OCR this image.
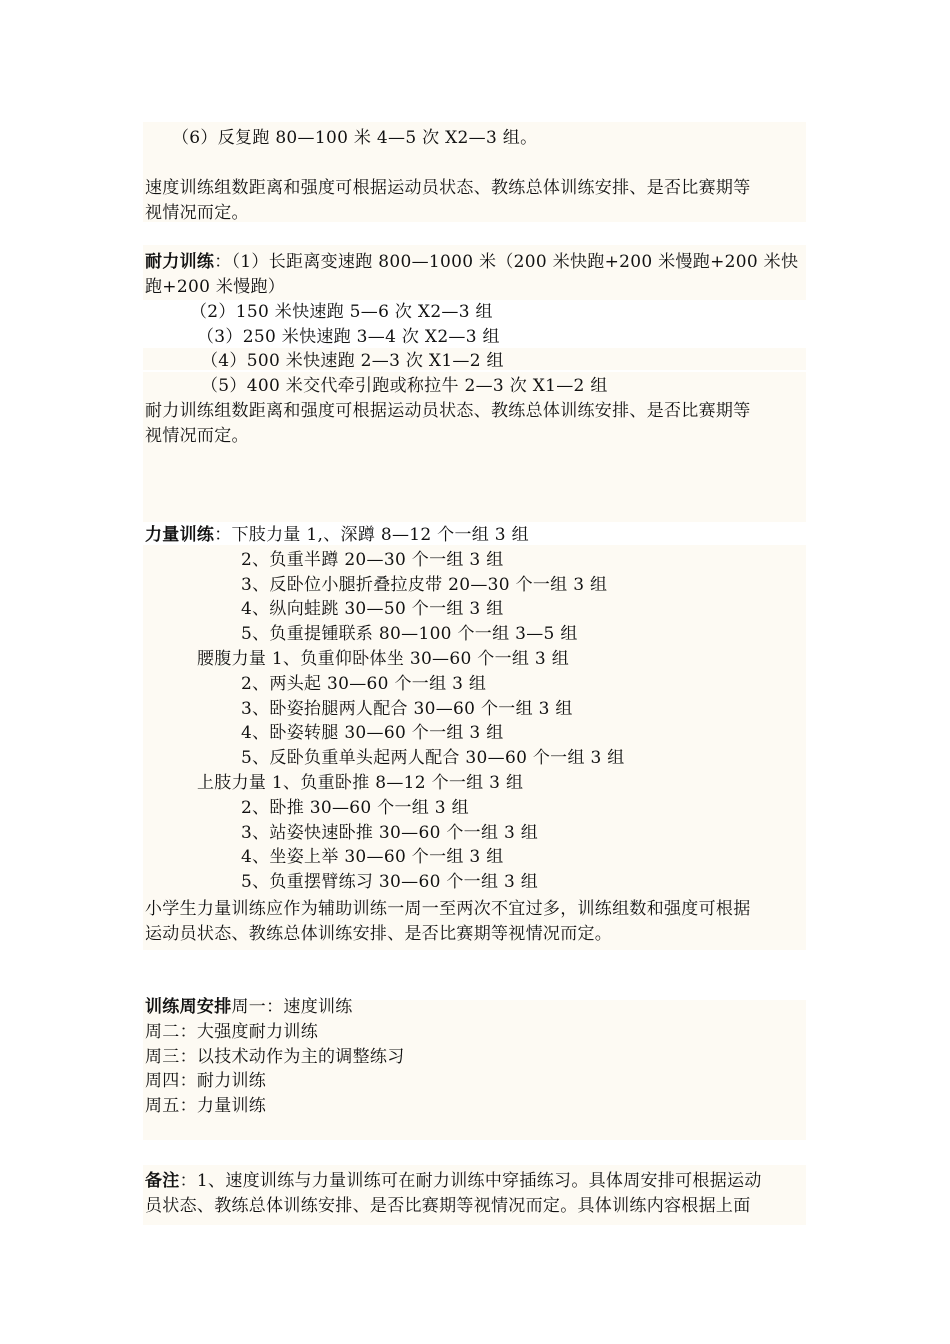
（6）反复跑 80—100 米 4—5 次 X2—3 组。
速度训练组数距离和强度可根据运动员状态、教练总体训练安排、是否比赛期等
视情况而定。
耐力训练：（1）长距离变速跑 800—1000 米（200 米快跑+200 米慢跑+200 米快
跑+200 米慢跑）
（2）150 米快速跑 5—6 次 X2—3 组
（3）250 米快速跑 3—4 次 X2—3 组
（4）500 米快速跑 2—3 次 X1—2 组
（5）400 米交代牵引跑或称拉牛 2—3 次 X1—2 组
耐力训练组数距离和强度可根据运动员状态、教练总体训练安排、是否比赛期等
视情况而定。
力量训练：下肢力量 1,、深蹲 8—12 个一组 3 组
2、负重半蹲 20—30 个一组 3 组
3、反卧位小腿折叠拉皮带 20—30 个一组 3 组
4、纵向蛙跳 30—50 个一组 3 组
5、负重提锺联系 80—100 个一组 3—5 组
腰腹力量 1、负重仰卧体坐 30—60 个一组 3 组
2、两头起 30—60 个一组 3 组
3、卧姿抬腿两人配合 30—60 个一组 3 组
4、卧姿转腿 30—60 个一组 3 组
5、反卧负重单头起两人配合 30—60 个一组 3 组
上肢力量 1、负重卧推 8—12 个一组 3 组
2、卧推 30—60 个一组 3 组
3、站姿快速卧推 30—60 个一组 3 组
4、坐姿上举 30—60 个一组 3 组
5、负重摆臂练习 30—60 个一组 3 组
小学生力量训练应作为辅助训练一周一至两次不宜过多，训练组数和强度可根据
运动员状态、教练总体训练安排、是否比赛期等视情况而定。
训练周安排周一：速度训练
周二：大强度耐力训练
周三：以技术动作为主的调整练习
周四：耐力训练
周五：力量训练
备注：1、速度训练与力量训练可在耐力训练中穿插练习。具体周安排可根据运动
员状态、教练总体训练安排、是否比赛期等视情况而定。具体训练内容根据上面
